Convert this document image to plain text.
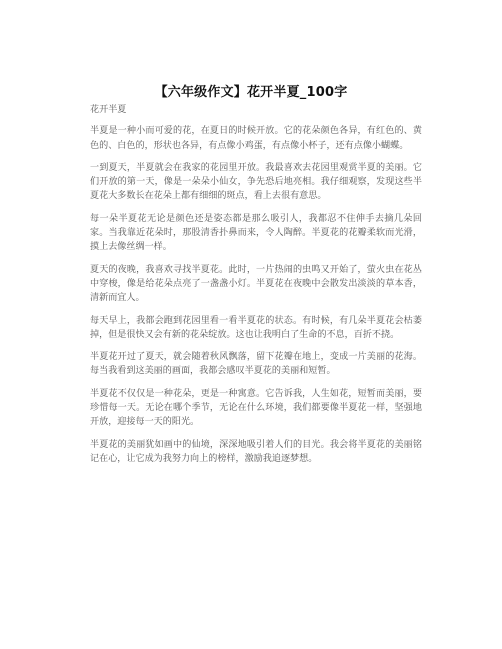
【六年级作文】花开半夏_100字

花开半夏

半夏是一种小而可爱的花，在夏日的时候开放。它的花朵颜色各异，有红色的、黄色的、白色的，形状也各异，有点像小鸡蛋，有点像小杯子，还有点像小蝴蝶。

一到夏天，半夏就会在我家的花园里开放。我最喜欢去花园里观赏半夏的美丽。它们开放的第一天，像是一朵朵小仙女，争先恐后地亮相。我仔细观察，发现这些半夏花大多数长在花朵上都有细细的斑点，看上去很有意思。

每一朵半夏花无论是颜色还是姿态都是那么吸引人，我都忍不住伸手去摘几朵回家。当我靠近花朵时，那股清香扑鼻而来，令人陶醉。半夏花的花瓣柔软而光滑，摸上去像丝绸一样。

夏天的夜晚，我喜欢寻找半夏花。此时，一片热闹的虫鸣又开始了，萤火虫在花丛中穿梭，像是给花朵点亮了一盏盏小灯。半夏花在夜晚中会散发出淡淡的草本香，清新而宜人。

每天早上，我都会跑到花园里看一看半夏花的状态。有时候，有几朵半夏花会枯萎掉，但是很快又会有新的花朵绽放。这也让我明白了生命的不息，百折不挠。

半夏花开过了夏天，就会随着秋风飘落，留下花瓣在地上，变成一片美丽的花海。每当我看到这美丽的画面，我都会感叹半夏花的美丽和短暂。

半夏花不仅仅是一种花朵，更是一种寓意。它告诉我，人生如花，短暂而美丽，要珍惜每一天。无论在哪个季节，无论在什么环境，我们都要像半夏花一样，坚强地开放，迎接每一天的阳光。

半夏花的美丽犹如画中的仙境，深深地吸引着人们的目光。我会将半夏花的美丽铭记在心，让它成为我努力向上的榜样，激励我追逐梦想。
